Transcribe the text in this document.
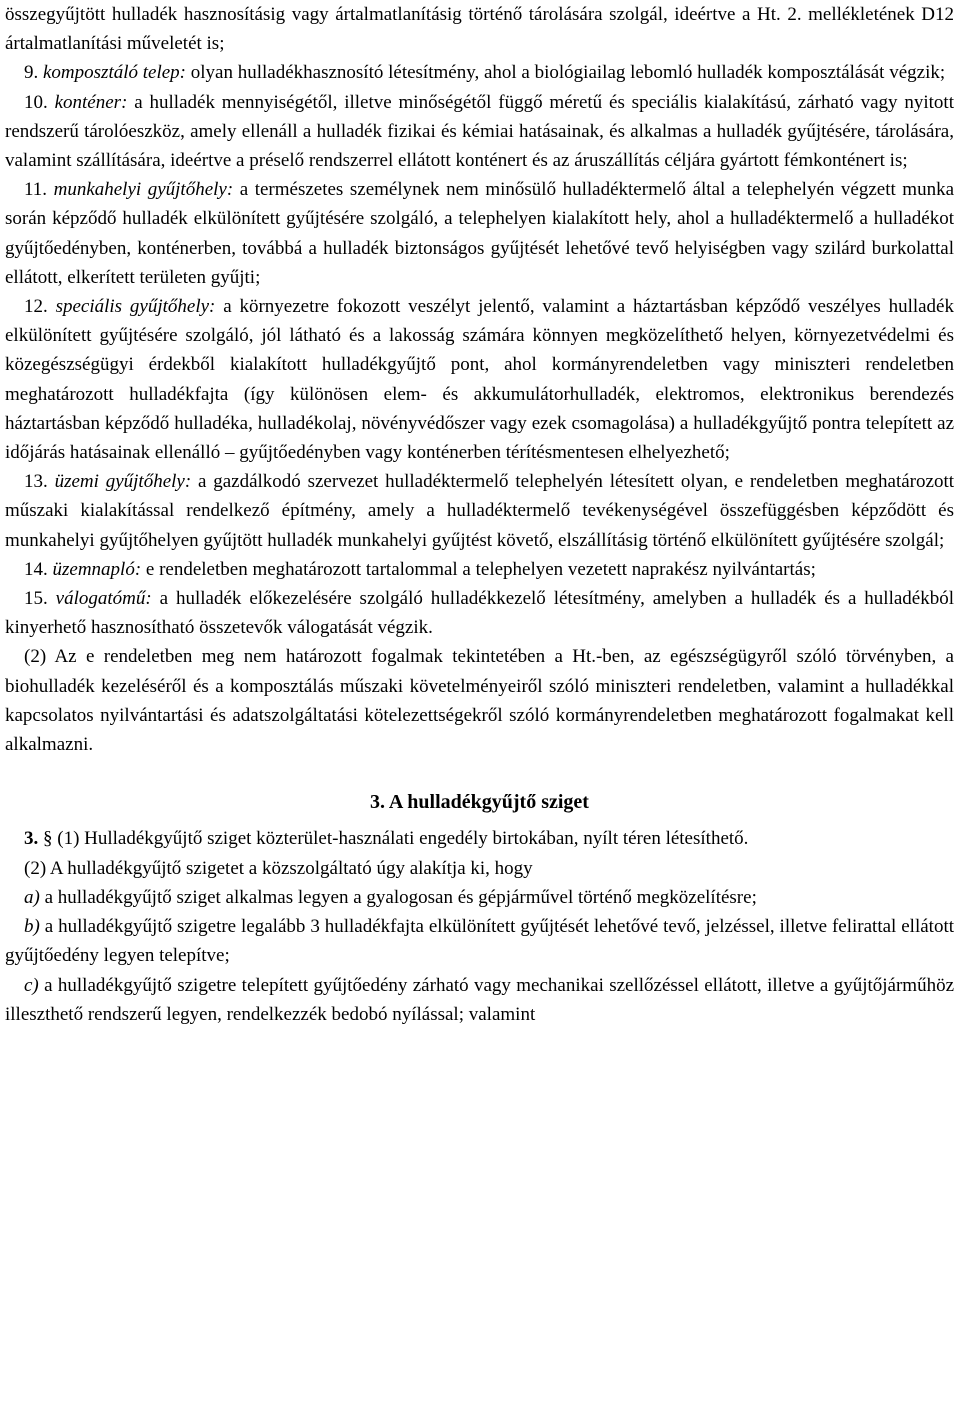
összegyűjtött hulladék hasznosításig vagy ártalmatlanításig történő tárolására szolgál, ideértve a Ht. 2. mellékletének D12 ártalmatlanítási műveletét is;

9. komposztáló telep: olyan hulladékhasznosító létesítmény, ahol a biológiailag lebomló hulladék komposztálását végzik;

10. konténer: a hulladék mennyiségétől, illetve minőségétől függő méretű és speciális kialakítású, zárható vagy nyitott rendszerű tárolóeszköz, amely ellenáll a hulladék fizikai és kémiai hatásainak, és alkalmas a hulladék gyűjtésére, tárolására, valamint szállítására, ideértve a préselő rendszerrel ellátott konténert és az áruszállítás céljára gyártott fémkonténert is;

11. munkahelyi gyűjtőhely: a természetes személynek nem minősülő hulladéktermelő által a telephelyén végzett munka során képződő hulladék elkülönített gyűjtésére szolgáló, a telephelyen kialakított hely, ahol a hulladéktermelő a hulladékot gyűjtőedényben, konténerben, továbbá a hulladék biztonságos gyűjtését lehetővé tevő helyiségben vagy szilárd burkolattal ellátott, elkerített területen gyűjti;

12. speciális gyűjtőhely: a környezetre fokozott veszélyt jelentő, valamint a háztartásban képződő veszélyes hulladék elkülönített gyűjtésére szolgáló, jól látható és a lakosság számára könnyen megközelíthető helyen, környezetvédelmi és közegészségügyi érdekből kialakított hulladékgyűjtő pont, ahol kormányrendeletben vagy miniszteri rendeletben meghatározott hulladékfajta (így különösen elem- és akkumulátorhulladék, elektromos, elektronikus berendezés háztartásban képződő hulladéka, hulladékolaj, növényvédőszer vagy ezek csomagolása) a hulladékgyűjtő pontra telepített az időjárás hatásainak ellenálló – gyűjtőedényben vagy konténerben térítésmentesen elhelyezhető;

13. üzemi gyűjtőhely: a gazdálkodó szervezet hulladéktermelő telephelyén létesített olyan, e rendeletben meghatározott műszaki kialakítással rendelkező építmény, amely a hulladéktermelő tevékenységével összefüggésben képződött és munkahelyi gyűjtőhelyen gyűjtött hulladék munkahelyi gyűjtést követő, elszállításig történő elkülönített gyűjtésére szolgál;

14. üzemnapló: e rendeletben meghatározott tartalommal a telephelyen vezetett naprakész nyilvántartás;

15. válogatómű: a hulladék előkezelésére szolgáló hulladékkezelő létesítmény, amelyben a hulladék és a hulladékból kinyerhető hasznosítható összetevők válogatását végzik.

(2) Az e rendeletben meg nem határozott fogalmak tekintetében a Ht.-ben, az egészségügyről szóló törvényben, a biohulladék kezeléséről és a komposztálás műszaki követelményeiről szóló miniszteri rendeletben, valamint a hulladékkal kapcsolatos nyilvántartási és adatszolgáltatási kötelezettségekről szóló kormányrendeletben meghatározott fogalmakat kell alkalmazni.

3. A hulladékgyűjtő sziget

3. § (1) Hulladékgyűjtő sziget közterület-használati engedély birtokában, nyílt téren létesíthető.

(2) A hulladékgyűjtő szigetet a közszolgáltató úgy alakítja ki, hogy

a) a hulladékgyűjtő sziget alkalmas legyen a gyalogosan és gépjárművel történő megközelítésre;

b) a hulladékgyűjtő szigetre legalább 3 hulladékfajta elkülönített gyűjtését lehetővé tevő, jelzéssel, illetve felirattal ellátott gyűjtőedény legyen telepítve;

c) a hulladékgyűjtő szigetre telepített gyűjtőedény zárható vagy mechanikai szellőzéssel ellátott, illetve a gyűjtőjárműhöz illeszthető rendszerű legyen, rendelkezzék bedobó nyílással; valamint
